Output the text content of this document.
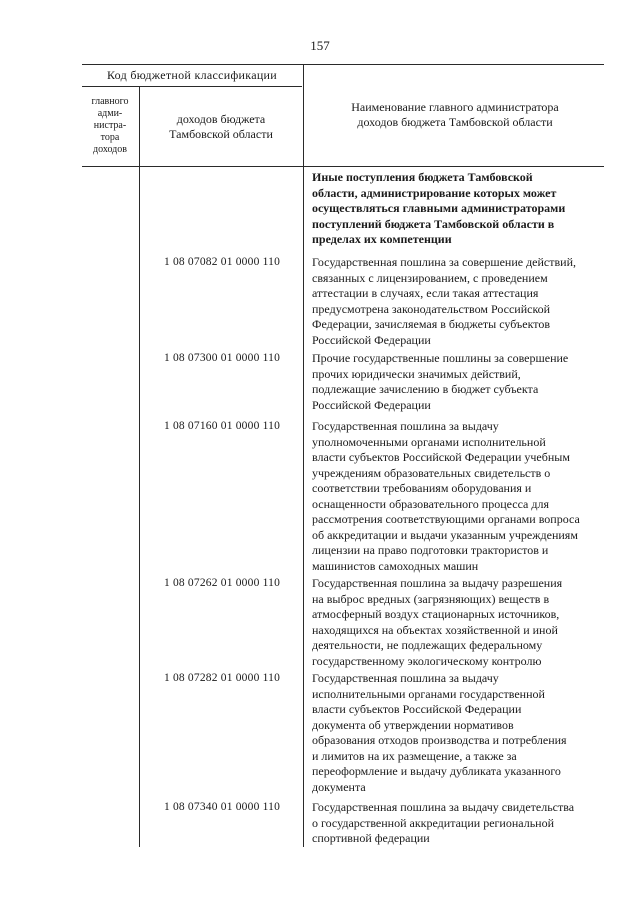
157
Код бюджетной классификации
главного
адми-
нистра-
тора
доходов
доходов бюджета
Тамбовской области
Наименование главного администратора
доходов бюджета Тамбовской области
Иные поступления бюджета Тамбовской
области, администрирование которых может
осуществляться главными администраторами
поступлений бюджета Тамбовской области в
пределах их компетенции
1 08 07082 01 0000 110	Государственная пошлина за совершение действий,
связанных с лицензированием, с проведением
аттестации в случаях, если такая аттестация
предусмотрена законодательством Российской
Федерации, зачисляемая в бюджеты субъектов
Российской Федерации
1 08 07300 01 0000 110	Прочие государственные пошлины за совершение
прочих юридически значимых действий,
подлежащие зачислению в бюджет субъекта
Российской Федерации
1 08 07160 01 0000 110	Государственная пошлина за выдачу
уполномоченными органами исполнительной
власти субъектов Российской Федерации учебным
учреждениям образовательных свидетельств о
соответствии требованиям оборудования и
оснащенности образовательного процесса для
рассмотрения соответствующими органами вопроса
об аккредитации и выдачи указанным учреждениям
лицензии на право подготовки трактористов и
машинистов самоходных машин
1 08 07262 01 0000 110	Государственная пошлина за выдачу разрешения
на выброс вредных (загрязняющих) веществ в
атмосферный воздух стационарных источников,
находящихся на объектах хозяйственной и иной
деятельности, не подлежащих федеральному
государственному экологическому контролю
1 08 07282 01 0000 110	Государственная пошлина за выдачу
исполнительными органами государственной
власти субъектов Российской Федерации
документа об утверждении нормативов
образования отходов производства и потребления
и лимитов на их размещение, а также за
переоформление и выдачу дубликата указанного
документа
1 08 07340 01 0000 110	Государственная пошлина за выдачу свидетельства
о государственной аккредитации региональной
спортивной федерации
